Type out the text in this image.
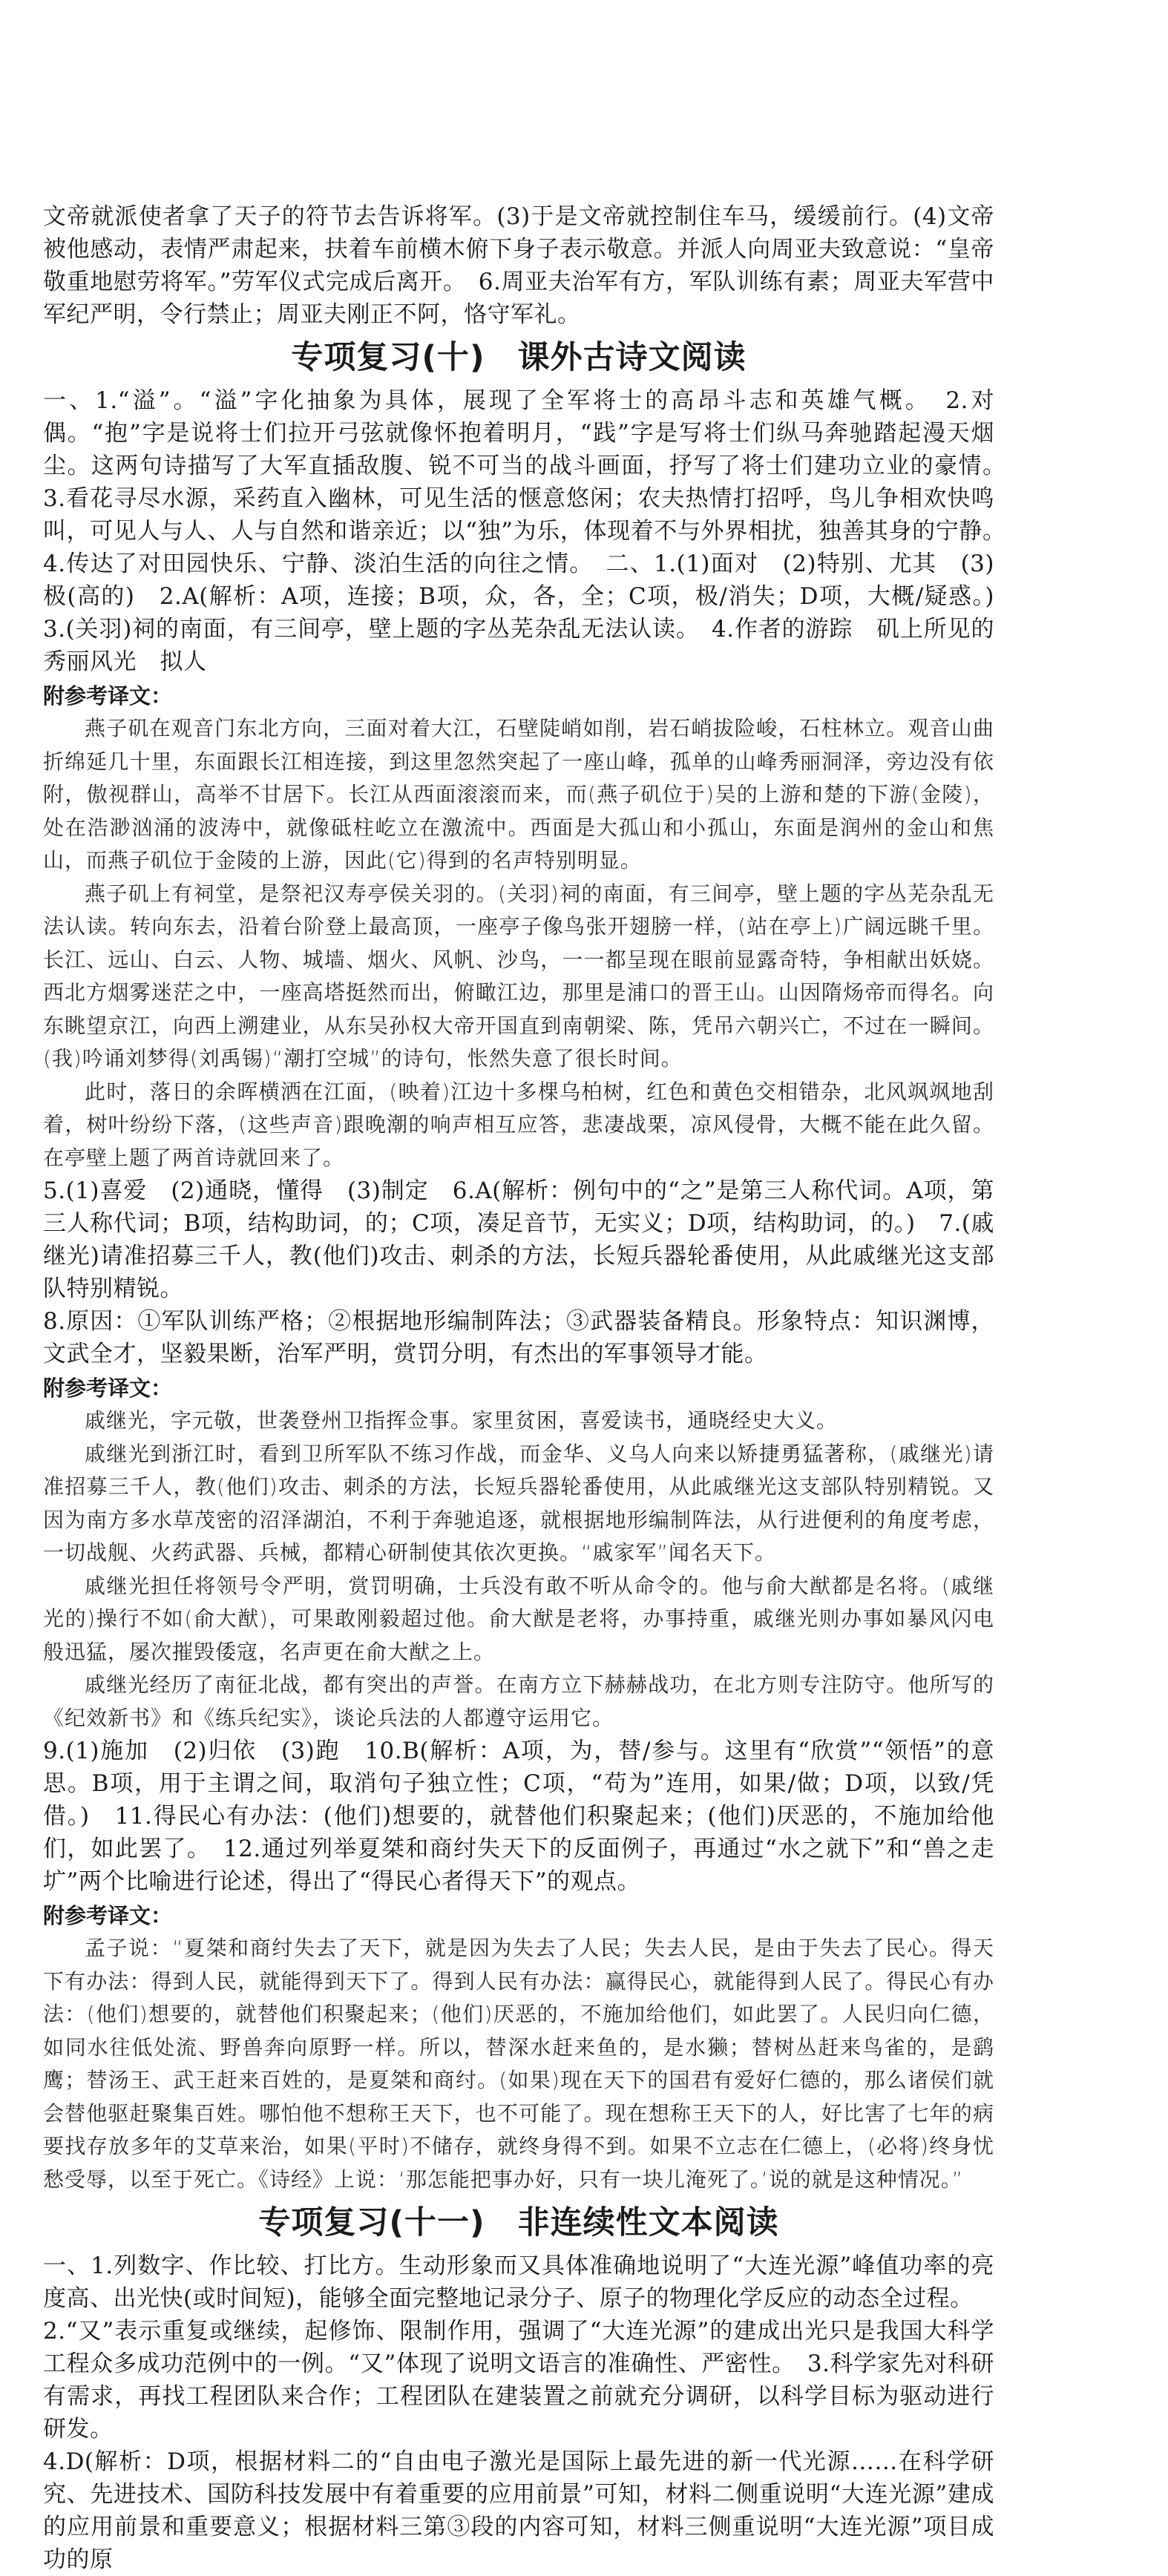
文帝就派使者拿了天子的符节去告诉将军。(3)于是文帝就控制住车马，缓缓前行。(4)文帝被他感动，表情严肃起来，扶着车前横木俯下身子表示敬意。并派人向周亚夫致意说：“皇帝敬重地慰劳将军。”劳军仪式完成后离开。　6.周亚夫治军有方，军队训练有素；周亚夫军营中军纪严明，令行禁止；周亚夫刚正不阿，恪守军礼。

专项复习(十)　课外古诗文阅读

一、1.“溢”。“溢”字化抽象为具体，展现了全军将士的高昂斗志和英雄气概。　2.对偶。“抱”字是说将士们拉开弓弦就像怀抱着明月，“践”字是写将士们纵马奔驰踏起漫天烟尘。这两句诗描写了大军直插敌腹、锐不可当的战斗画面，抒写了将士们建功立业的豪情。　3.看花寻尽水源，采药直入幽林，可见生活的惬意悠闲；农夫热情打招呼，鸟儿争相欢快鸣叫，可见人与人、人与自然和谐亲近；以“独”为乐，体现着不与外界相扰，独善其身的宁静。　4.传达了对田园快乐、宁静、淡泊生活的向往之情。　二、1.(1)面对　(2)特别、尤其　(3)极(高的)　2.A(解析：A项，连接；B项，众，各，全；C项，极/消失；D项，大概/疑惑。)　3.(关羽)祠的南面，有三间亭，壁上题的字丛芜杂乱无法认读。　4.作者的游踪　矶上所见的秀丽风光　拟人

附参考译文：

燕子矶在观音门东北方向，三面对着大江，石壁陡峭如削，岩石峭拔险峻，石柱林立。观音山曲折绵延几十里，东面跟长江相连接，到这里忽然突起了一座山峰，孤单的山峰秀丽洞泽，旁边没有依附，傲视群山，高举不甘居下。长江从西面滚滚而来，而(燕子矶位于)吴的上游和楚的下游(金陵)，处在浩渺汹涌的波涛中，就像砥柱屹立在激流中。西面是大孤山和小孤山，东面是润州的金山和焦山，而燕子矶位于金陵的上游，因此(它)得到的名声特别明显。

燕子矶上有祠堂，是祭祀汉寿亭侯关羽的。(关羽)祠的南面，有三间亭，壁上题的字丛芜杂乱无法认读。转向东去，沿着台阶登上最高顶，一座亭子像鸟张开翅膀一样，(站在亭上)广阔远眺千里。长江、远山、白云、人物、城墙、烟火、风帆、沙鸟，一一都呈现在眼前显露奇特，争相献出妖娆。西北方烟雾迷茫之中，一座高塔挺然而出，俯瞰江边，那里是浦口的晋王山。山因隋炀帝而得名。向东眺望京江，向西上溯建业，从东吴孙权大帝开国直到南朝梁、陈，凭吊六朝兴亡，不过在一瞬间。(我)吟诵刘梦得(刘禹锡)“潮打空城”的诗句，怅然失意了很长时间。

此时，落日的余晖横洒在江面，(映着)江边十多棵乌柏树，红色和黄色交相错杂，北风飒飒地刮着，树叶纷纷下落，(这些声音)跟晚潮的响声相互应答，悲凄战栗，凉风侵骨，大概不能在此久留。在亭壁上题了两首诗就回来了。

5.(1)喜爱　(2)通晓，懂得　(3)制定　6.A(解析：例句中的“之”是第三人称代词。A项，第三人称代词；B项，结构助词，的；C项，凑足音节，无实义；D项，结构助词，的。)　7.(戚继光)请准招募三千人，教(他们)攻击、刺杀的方法，长短兵器轮番使用，从此戚继光这支部队特别精锐。

8.原因：①军队训练严格；②根据地形编制阵法；③武器装备精良。形象特点：知识渊博，文武全才，坚毅果断，治军严明，赏罚分明，有杰出的军事领导才能。

附参考译文：

戚继光，字元敬，世袭登州卫指挥佥事。家里贫困，喜爱读书，通晓经史大义。

戚继光到浙江时，看到卫所军队不练习作战，而金华、义乌人向来以矫捷勇猛著称，(戚继光)请准招募三千人，教(他们)攻击、刺杀的方法，长短兵器轮番使用，从此戚继光这支部队特别精锐。又因为南方多水草茂密的沼泽湖泊，不利于奔驰追逐，就根据地形编制阵法，从行进便利的角度考虑，一切战舰、火药武器、兵械，都精心研制使其依次更换。“戚家军”闻名天下。

戚继光担任将领号令严明，赏罚明确，士兵没有敢不听从命令的。他与俞大猷都是名将。(戚继光的)操行不如(俞大猷)，可果敢刚毅超过他。俞大猷是老将，办事持重，戚继光则办事如暴风闪电般迅猛，屡次摧毁倭寇，名声更在俞大猷之上。

戚继光经历了南征北战，都有突出的声誉。在南方立下赫赫战功，在北方则专注防守。他所写的《纪效新书》和《练兵纪实》，谈论兵法的人都遵守运用它。

9.(1)施加　(2)归依　(3)跑　10.B(解析：A项，为，替/参与。这里有“欣赏”“领悟”的意思。B项，用于主谓之间，取消句子独立性；C项，“苟为”连用，如果/做；D项，以致/凭借。)　11.得民心有办法：(他们)想要的，就替他们积聚起来；(他们)厌恶的，不施加给他们，如此罢了。　12.通过列举夏桀和商纣失天下的反面例子，再通过“水之就下”和“兽之走圹”两个比喻进行论述，得出了“得民心者得天下”的观点。

附参考译文：

孟子说：“夏桀和商纣失去了天下，就是因为失去了人民；失去人民，是由于失去了民心。得天下有办法：得到人民，就能得到天下了。得到人民有办法：赢得民心，就能得到人民了。得民心有办法：(他们)想要的，就替他们积聚起来；(他们)厌恶的，不施加给他们，如此罢了。人民归向仁德，如同水往低处流、野兽奔向原野一样。所以，替深水赶来鱼的，是水獭；替树丛赶来鸟雀的，是鹞鹰；替汤王、武王赶来百姓的，是夏桀和商纣。(如果)现在天下的国君有爱好仁德的，那么诸侯们就会替他驱赶聚集百姓。哪怕他不想称王天下，也不可能了。现在想称王天下的人，好比害了七年的病要找存放多年的艾草来治，如果(平时)不储存，就终身得不到。如果不立志在仁德上，(必将)终身忧愁受辱，以至于死亡。《诗经》上说：‘那怎能把事办好，只有一块儿淹死了。’说的就是这种情况。”

专项复习(十一)　非连续性文本阅读

一、1.列数字、作比较、打比方。生动形象而又具体准确地说明了“大连光源”峰值功率的亮度高、出光快(或时间短)，能够全面完整地记录分子、原子的物理化学反应的动态全过程。

2.“又”表示重复或继续，起修饰、限制作用，强调了“大连光源”的建成出光只是我国大科学工程众多成功范例中的一例。“又”体现了说明文语言的准确性、严密性。　3.科学家先对科研有需求，再找工程团队来合作；工程团队在建装置之前就充分调研，以科学目标为驱动进行研发。

4.D(解析：D项，根据材料二的“自由电子激光是国际上最先进的新一代光源……在科学研究、先进技术、国防科技发展中有着重要的应用前景”可知，材料二侧重说明“大连光源”建成的应用前景和重要意义；根据材料三第③段的内容可知，材料三侧重说明“大连光源”项目成功的原
